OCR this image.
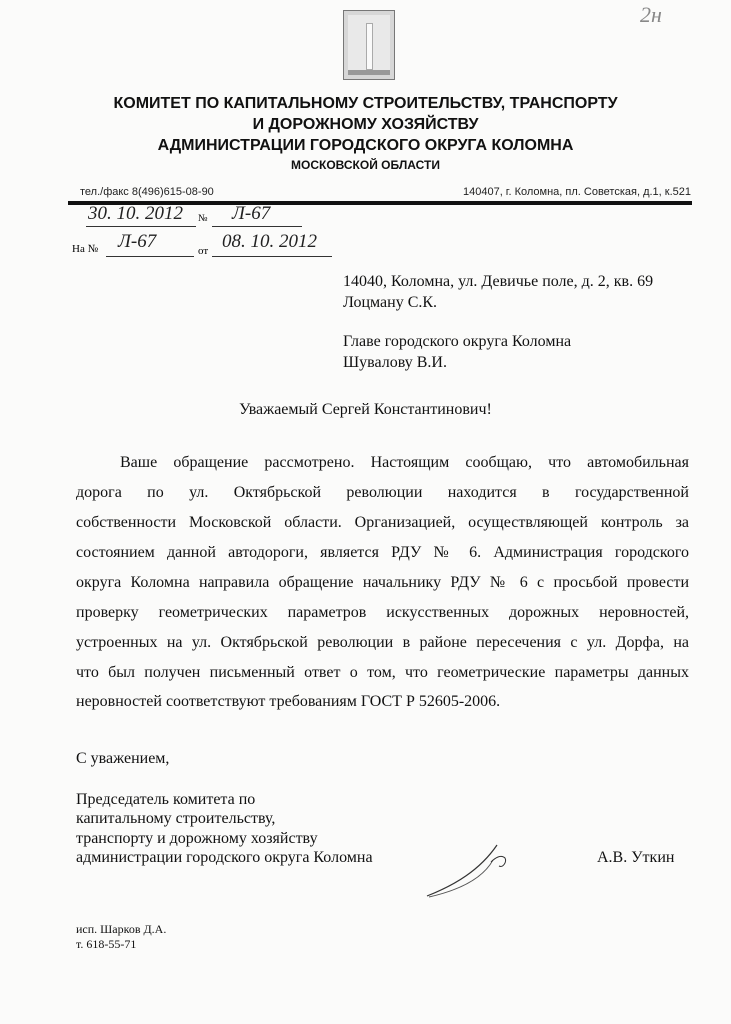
2н
КОМИТЕТ ПО КАПИТАЛЬНОМУ СТРОИТЕЛЬСТВУ, ТРАНСПОРТУ
И ДОРОЖНОМУ ХОЗЯЙСТВУ
АДМИНИСТРАЦИИ ГОРОДСКОГО ОКРУГА КОЛОМНА
МОСКОВСКОЙ ОБЛАСТИ
тел./факс 8(496)615-08-90	140407, г. Коломна, пл. Советская, д.1, к.521
30. 10. 2012 № Л-67
На № Л-67	от 08. 10. 2012
14040, Коломна, ул. Девичье поле, д. 2, кв. 69
Лоцману С.К.
Главе городского округа Коломна
Шувалову В.И.
Уважаемый Сергей Константинович!
Ваше обращение рассмотрено. Настоящим сообщаю, что автомобильная
дорога по ул. Октябрьской революции находится в государственной
собственности Московской области. Организацией, осуществляющей контроль за
состоянием данной автодороги, является РДУ № 6. Администрация городского
округа Коломна направила обращение начальнику РДУ № 6 с просьбой провести
проверку геометрических параметров искусственных дорожных неровностей,
устроенных на ул. Октябрьской революции в районе пересечения с ул. Дорфа, на
что был получен письменный ответ о том, что геометрические параметры данных
неровностей соответствуют требованиям ГОСТ Р 52605-2006.
С уважением,
Председатель комитета по
капитальному строительству,
транспорту и дорожному хозяйству
администрации городского округа Коломна	А.В. Уткин
исп. Шарков Д.А.
т. 618-55-71
